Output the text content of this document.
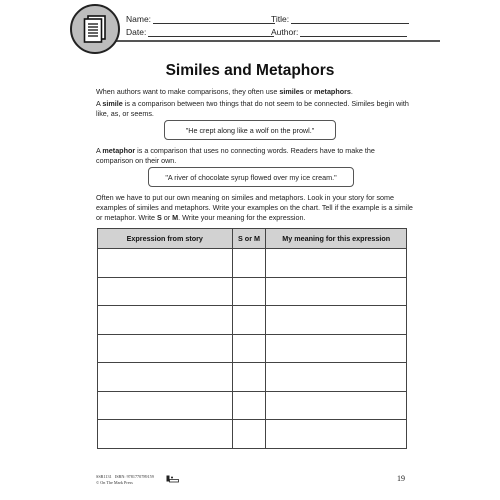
Name:	Title:
Date:	Author:
Similes and Metaphors
When authors want to make comparisons, they often use similes or metaphors.
A simile is a comparison between two things that do not seem to be connected. Similes begin with like, as, or seems.
"He crept along like a wolf on the prowl."
A metaphor is a comparison that uses no connecting words. Readers have to make the comparison on their own.
"A river of chocolate syrup flowed over my ice cream."
Often we have to put our own meaning on similes and metaphors. Look in your story for some examples of similes and metaphors. Write your examples on the chart. Tell if the example is a simile or metaphor. Write S or M. Write your meaning for the expression.
Expression from story	S or M	My meaning for this expression

SSR1131 ISBN: 9781770789159
© On The Mark Press	19
